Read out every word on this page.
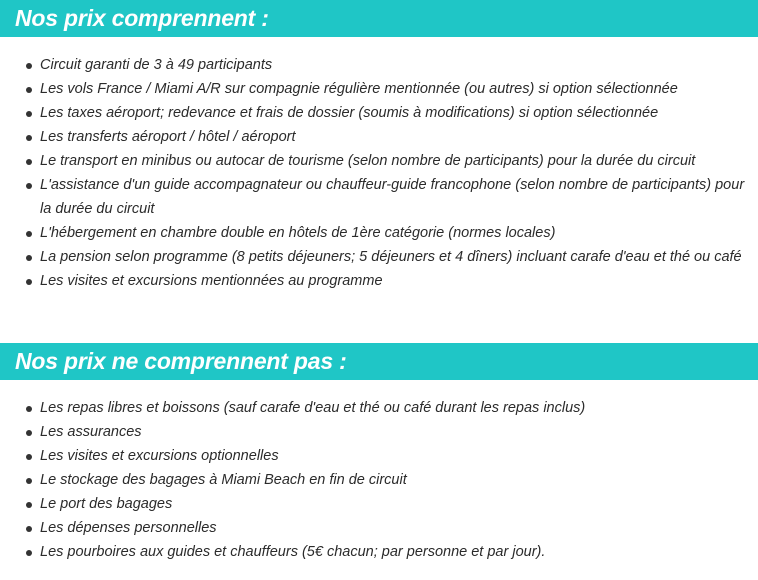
Nos prix comprennent :
Circuit garanti de 3 à 49 participants
Les vols France / Miami A/R sur compagnie régulière mentionnée (ou autres) si option sélectionnée
Les taxes aéroport; redevance et frais de dossier (soumis à modifications) si option sélectionnée
Les transferts aéroport / hôtel / aéroport
Le transport en minibus ou autocar de tourisme (selon nombre de participants) pour la durée du circuit
L'assistance d'un guide accompagnateur ou chauffeur-guide francophone (selon nombre de participants) pour la durée du circuit
L'hébergement en chambre double en hôtels de 1ère catégorie (normes locales)
La pension selon programme (8 petits déjeuners; 5 déjeuners et 4 dîners) incluant carafe d'eau et thé ou café
Les visites et excursions mentionnées au programme
Nos prix ne comprennent pas :
Les repas libres et boissons (sauf carafe d'eau et thé ou café durant les repas inclus)
Les assurances
Les visites et excursions optionnelles
Le stockage des bagages à Miami Beach en fin de circuit
Le port des bagages
Les dépenses personnelles
Les pourboires aux guides et chauffeurs (5€ chacun; par personne et par jour).
